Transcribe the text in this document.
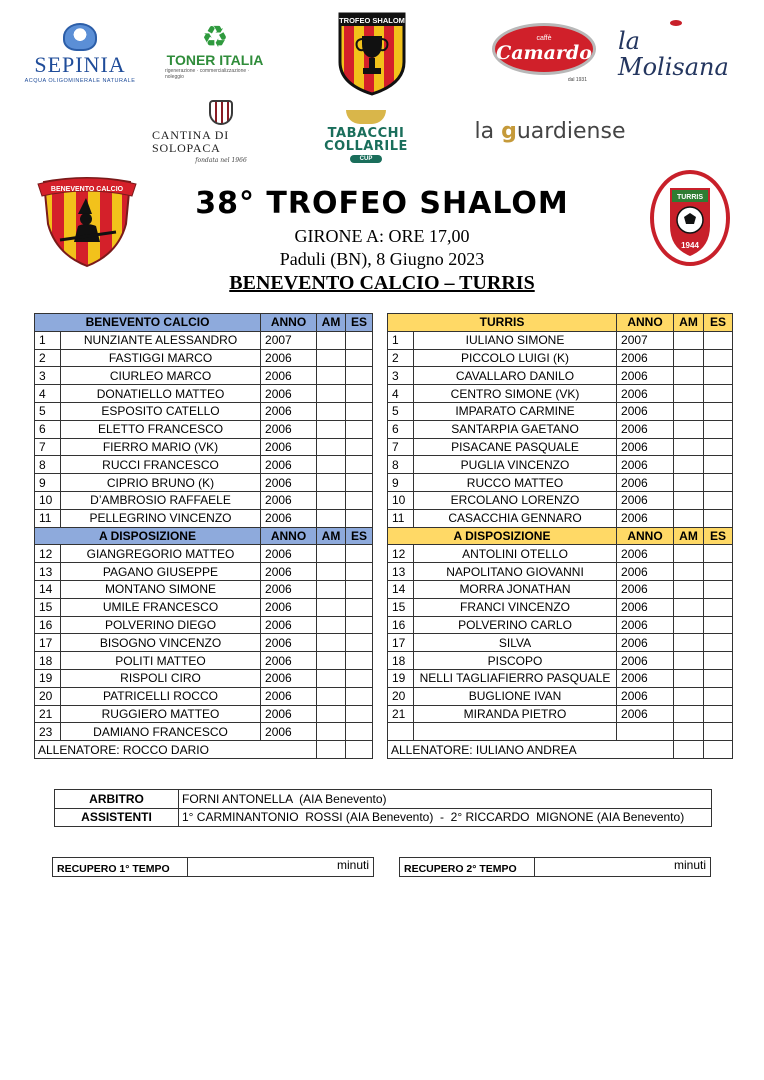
SEPINIA
ACQUA OLIGOMINERALE NATURALE
♻
TONER ITALIA
rigenerazione · commercializzazione · noleggio
TROFEO SHALOM
caffè
Camardo
dal 1931
la Molisana
CANTINA DI SOLOPACA
fondata nel 1966
TABACCHI
COLLARILE
CUP
la g uardiense
BENEVENTO CALCIO
TURRIS
1944
38° TROFEO SHALOM
GIRONE A: ORE 17,00
Paduli (BN), 8 Giugno 2023
BENEVENTO CALCIO – TURRIS
BENEVENTO CALCIO		ANNO	AM	ES
1	NUNZIANTE ALESSANDRO	2007		
2	FASTIGGI MARCO	2006		
3	CIURLEO MARCO	2006		
4	DONATIELLO MATTEO	2006		
5	ESPOSITO CATELLO	2006		
6	ELETTO FRANCESCO	2006		
7	FIERRO MARIO (VK)	2006		
8	RUCCI FRANCESCO	2006		
9	CIPRIO BRUNO (K)	2006		
10	D’AMBROSIO RAFFAELE	2006		
11	PELLEGRINO VINCENZO	2006		
A DISPOSIZIONE		ANNO	AM	ES
12	GIANGREGORIO MATTEO	2006		
13	PAGANO GIUSEPPE	2006		
14	MONTANO SIMONE	2006		
15	UMILE FRANCESCO	2006		
16	POLVERINO DIEGO	2006		
17	BISOGNO VINCENZO	2006		
18	POLITI MATTEO	2006		
19	RISPOLI CIRO	2006		
20	PATRICELLI ROCCO	2006		
21	RUGGIERO MATTEO	2006		
23	DAMIANO FRANCESCO	2006		
ALLENATORE: ROCCO DARIO				
TURRIS		ANNO	AM	ES
1	IULIANO SIMONE	2007		
2	PICCOLO LUIGI (K)	2006		
3	CAVALLARO DANILO	2006		
4	CENTRO SIMONE (VK)	2006		
5	IMPARATO CARMINE	2006		
6	SANTARPIA GAETANO	2006		
7	PISACANE PASQUALE	2006		
8	PUGLIA VINCENZO	2006		
9	RUCCO MATTEO	2006		
10	ERCOLANO LORENZO	2006		
11	CASACCHIA GENNARO	2006		
A DISPOSIZIONE		ANNO	AM	ES
12	ANTOLINI OTELLO	2006		
13	NAPOLITANO GIOVANNI	2006		
14	MORRA JONATHAN	2006		
15	FRANCI VINCENZO	2006		
16	POLVERINO CARLO	2006		
17	SILVA	2006		
18	PISCOPO	2006		
19	NELLI TAGLIAFIERRO PASQUALE	2006		
20	BUGLIONE IVAN	2006		
21	MIRANDA PIETRO	2006		

ALLENATORE: IULIANO ANDREA				
ARBITRO	FORNI ANTONELLA  (AIA Benevento)
ASSISTENTI	1° CARMINANTONIO  ROSSI (AIA Benevento)  -  2° RICCARDO  MIGNONE (AIA Benevento)
RECUPERO 1° TEMPO	minuti	RECUPERO 2° TEMPO	minuti
